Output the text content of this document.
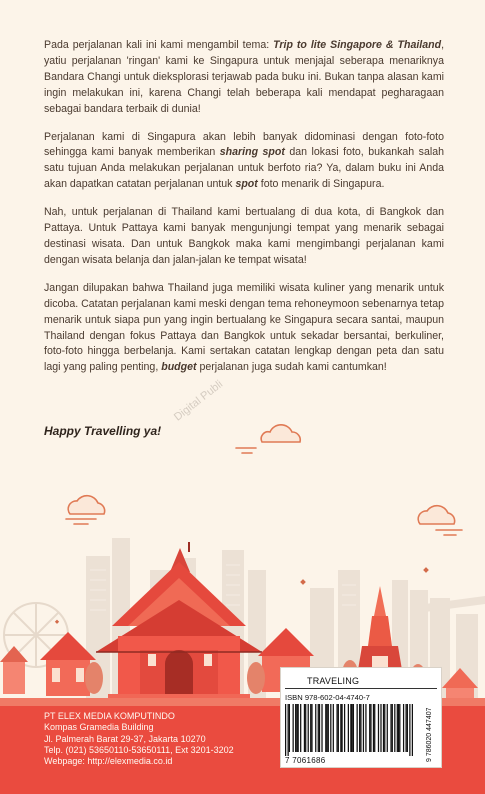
Pada perjalanan kali ini kami mengambil tema: Trip to lite Singapore & Thailand, yatiu perjalanan 'ringan' kami ke Singapura untuk menjajal seberapa menariknya Bandara Changi untuk dieksplorasi terjawab pada buku ini. Bukan tanpa alasan kami ingin melakukan ini, karena Changi telah beberapa kali mendapat pegharagaan sebagai bandara terbaik di dunia!

Perjalanan kami di Singapura akan lebih banyak didominasi dengan foto-foto sehingga kami banyak memberikan sharing spot dan lokasi foto, bukankah salah satu tujuan Anda melakukan perjalanan untuk berfoto ria? Ya, dalam buku ini Anda akan dapatkan catatan perjalanan untuk spot foto menarik di Singapura.

Nah, untuk perjalanan di Thailand kami bertualang di dua kota, di Bangkok dan Pattaya. Untuk Pattaya kami banyak mengunjungi tempat yang menarik sebagai destinasi wisata. Dan untuk Bangkok maka kami mengimbangi perjalanan kami dengan wisata belanja dan jalan-jalan ke tempat wisata!

Jangan dilupakan bahwa Thailand juga memiliki wisata kuliner yang menarik untuk dicoba. Catatan perjalanan kami meski dengan tema rehoneymoon sebenarnya tetap menarik untuk siapa pun yang ingin bertualang ke Singapura secara santai, maupun Thailand dengan fokus Pattaya dan Bangkok untuk sekadar bersantai, berkuliner, foto-foto hingga berbelanja. Kami sertakan catatan lengkap dengan peta dan satu lagi yang paling penting, budget perjalanan juga sudah kami cantumkan!

Happy Travelling ya!
Digital Publi
PT ELEX MEDIA KOMPUTINDO
Kompas Gramedia Building
Jl. Palmerah Barat 29-37, Jakarta 10270
Telp. (021) 53650110-53650111, Ext 3201-3202
Webpage: http://elexmedia.co.id
TRAVELING
ISBN 978-602-04-4740-7
7 7061686	9 786020 447407
